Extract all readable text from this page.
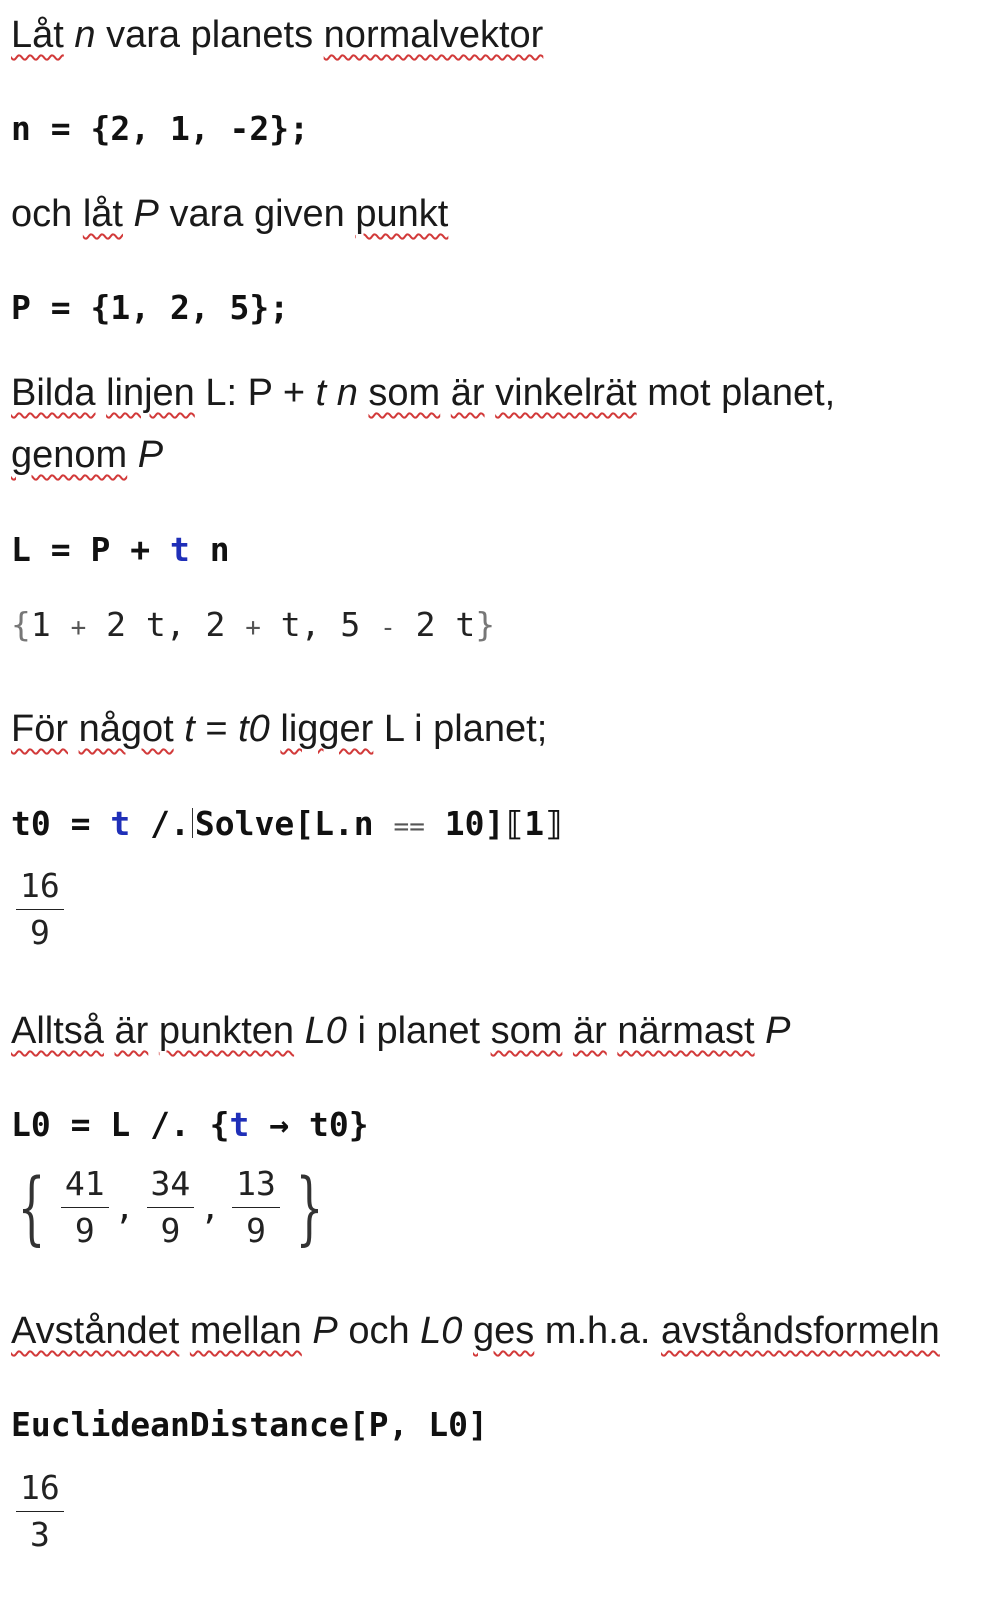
Låt n vara planets normalvektor
n = {2, 1, -2};
och låt P vara given punkt
P = {1, 2, 5};
Bilda linjen L: P + t n som är vinkelrät mot planet,
genom P
L = P + t n
{1 + 2 t, 2 + t, 5 - 2 t}
För något t = t0 ligger L i planet;
t0 = t /. Solve[L.n == 10]⟦1⟧
$\frac{16}{9}$
Alltså är punkten L0 i planet som är närmast P
L0 = L /. {t → t0}
{ $\frac{41}{9}$ , $\frac{34}{9}$ , $\frac{13}{9}$ }
Avståndet mellan P och L0 ges m.h.a. avståndsformeln
EuclideanDistance[P, L0]
$\frac{16}{3}$
